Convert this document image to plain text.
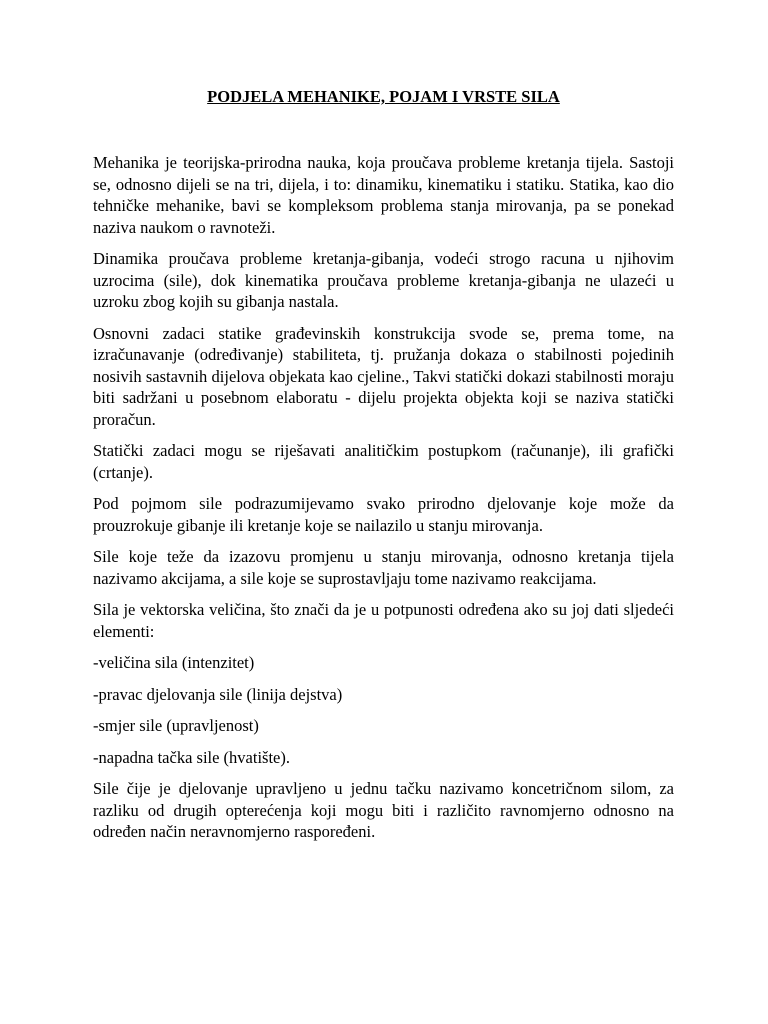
PODJELA MEHANIKE, POJAM I VRSTE SILA

Mehanika je teorijska-prirodna nauka, koja proučava probleme kretanja tijela. Sastoji se, odnosno dijeli se na tri, dijela, i to: dinamiku, kinematiku i statiku. Statika, kao dio tehničke mehanike, bavi se kompleksom problema stanja mirovanja, pa se ponekad naziva naukom o ravnoteži.

Dinamika proučava probleme kretanja-gibanja, vodeći strogo racuna u njihovim uzrocima (sile), dok kinematika proučava probleme kretanja-gibanja ne ulazeći u uzroku zbog kojih su gibanja nastala.

Osnovni zadaci statike građevinskih konstrukcija svode se, prema tome, na izračunavanje (određivanje) stabiliteta, tj. pružanja dokaza o stabilnosti pojedinih nosivih sastavnih dijelova objekata kao cjeline., Takvi statički dokazi stabilnosti moraju biti sadržani u posebnom elaboratu - dijelu projekta objekta koji se naziva statički proračun.

Statički zadaci mogu se riješavati analitičkim postupkom (računanje), ili grafički (crtanje).

Pod pojmom sile podrazumijevamo svako prirodno djelovanje koje može da prouzrokuje gibanje ili kretanje koje se nailazilo u stanju mirovanja.

Sile koje teže da izazovu promjenu u stanju mirovanja, odnosno kretanja tijela nazivamo akcijama, a sile koje se suprostavljaju tome nazivamo reakcijama.

Sila je vektorska veličina, što znači da je u potpunosti određena ako su joj dati sljedeći elementi:

-veličina sila (intenzitet)

-pravac djelovanja sile (linija dejstva)

-smjer sile (upravljenost)

-napadna tačka sile (hvatište).

Sile čije je djelovanje upravljeno u jednu tačku nazivamo koncetričnom silom, za razliku od drugih opterećenja koji mogu biti i različito ravnomjerno odnosno na određen način neravnomjerno raspoređeni.
